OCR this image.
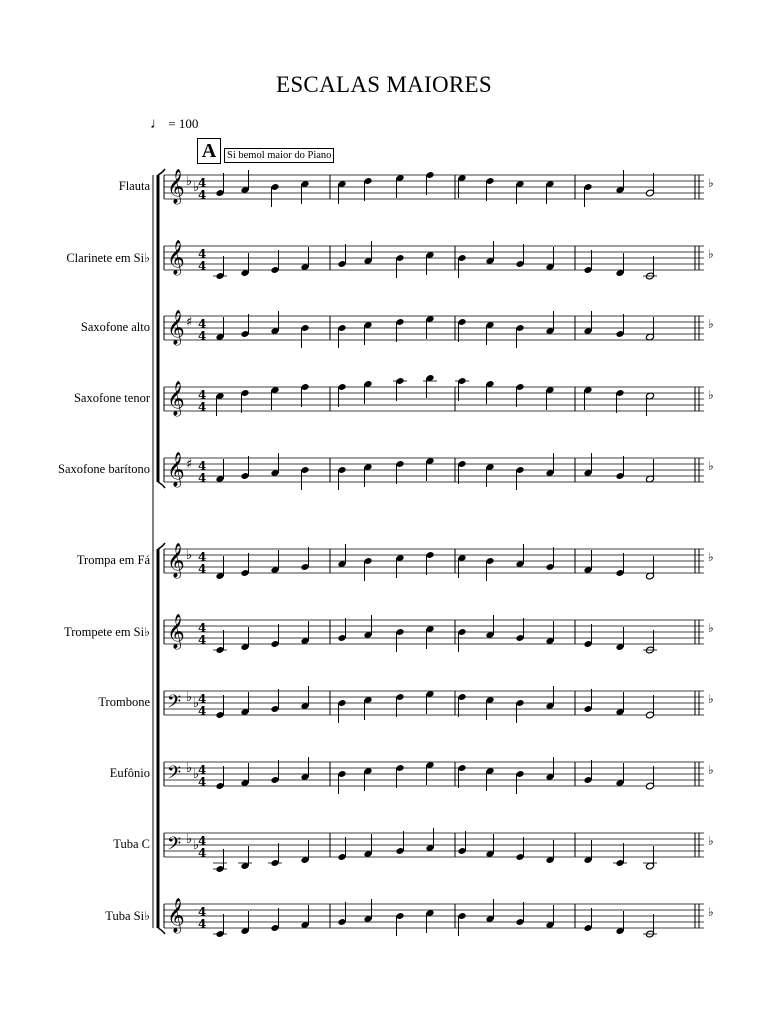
ESCALAS MAIORES
♩ = 100
A	Si bemol maior do Piano
Flauta
Clarinete em Si♭
Saxofone alto
Saxofone tenor
Saxofone barítono
Trompa em Fá
Trompete em Si♭
Trombone
Eufônio
Tuba C
Tuba Si♭
𝄞 ♭ ♭
4
4
♭
𝄞 4
4
♭
𝄞 ♯ 4
4
♭
𝄞 4
4
♭
𝄞 ♯ 4
4
♭
𝄞 ♭ 4
4
♭
𝄞 4
4
♭
𝄢 ♭ ♭
4
4
♭
𝄢 ♭ ♭
4
4
♭
𝄢 ♭ ♭
4
4
♭
𝄞 4
4
♭
